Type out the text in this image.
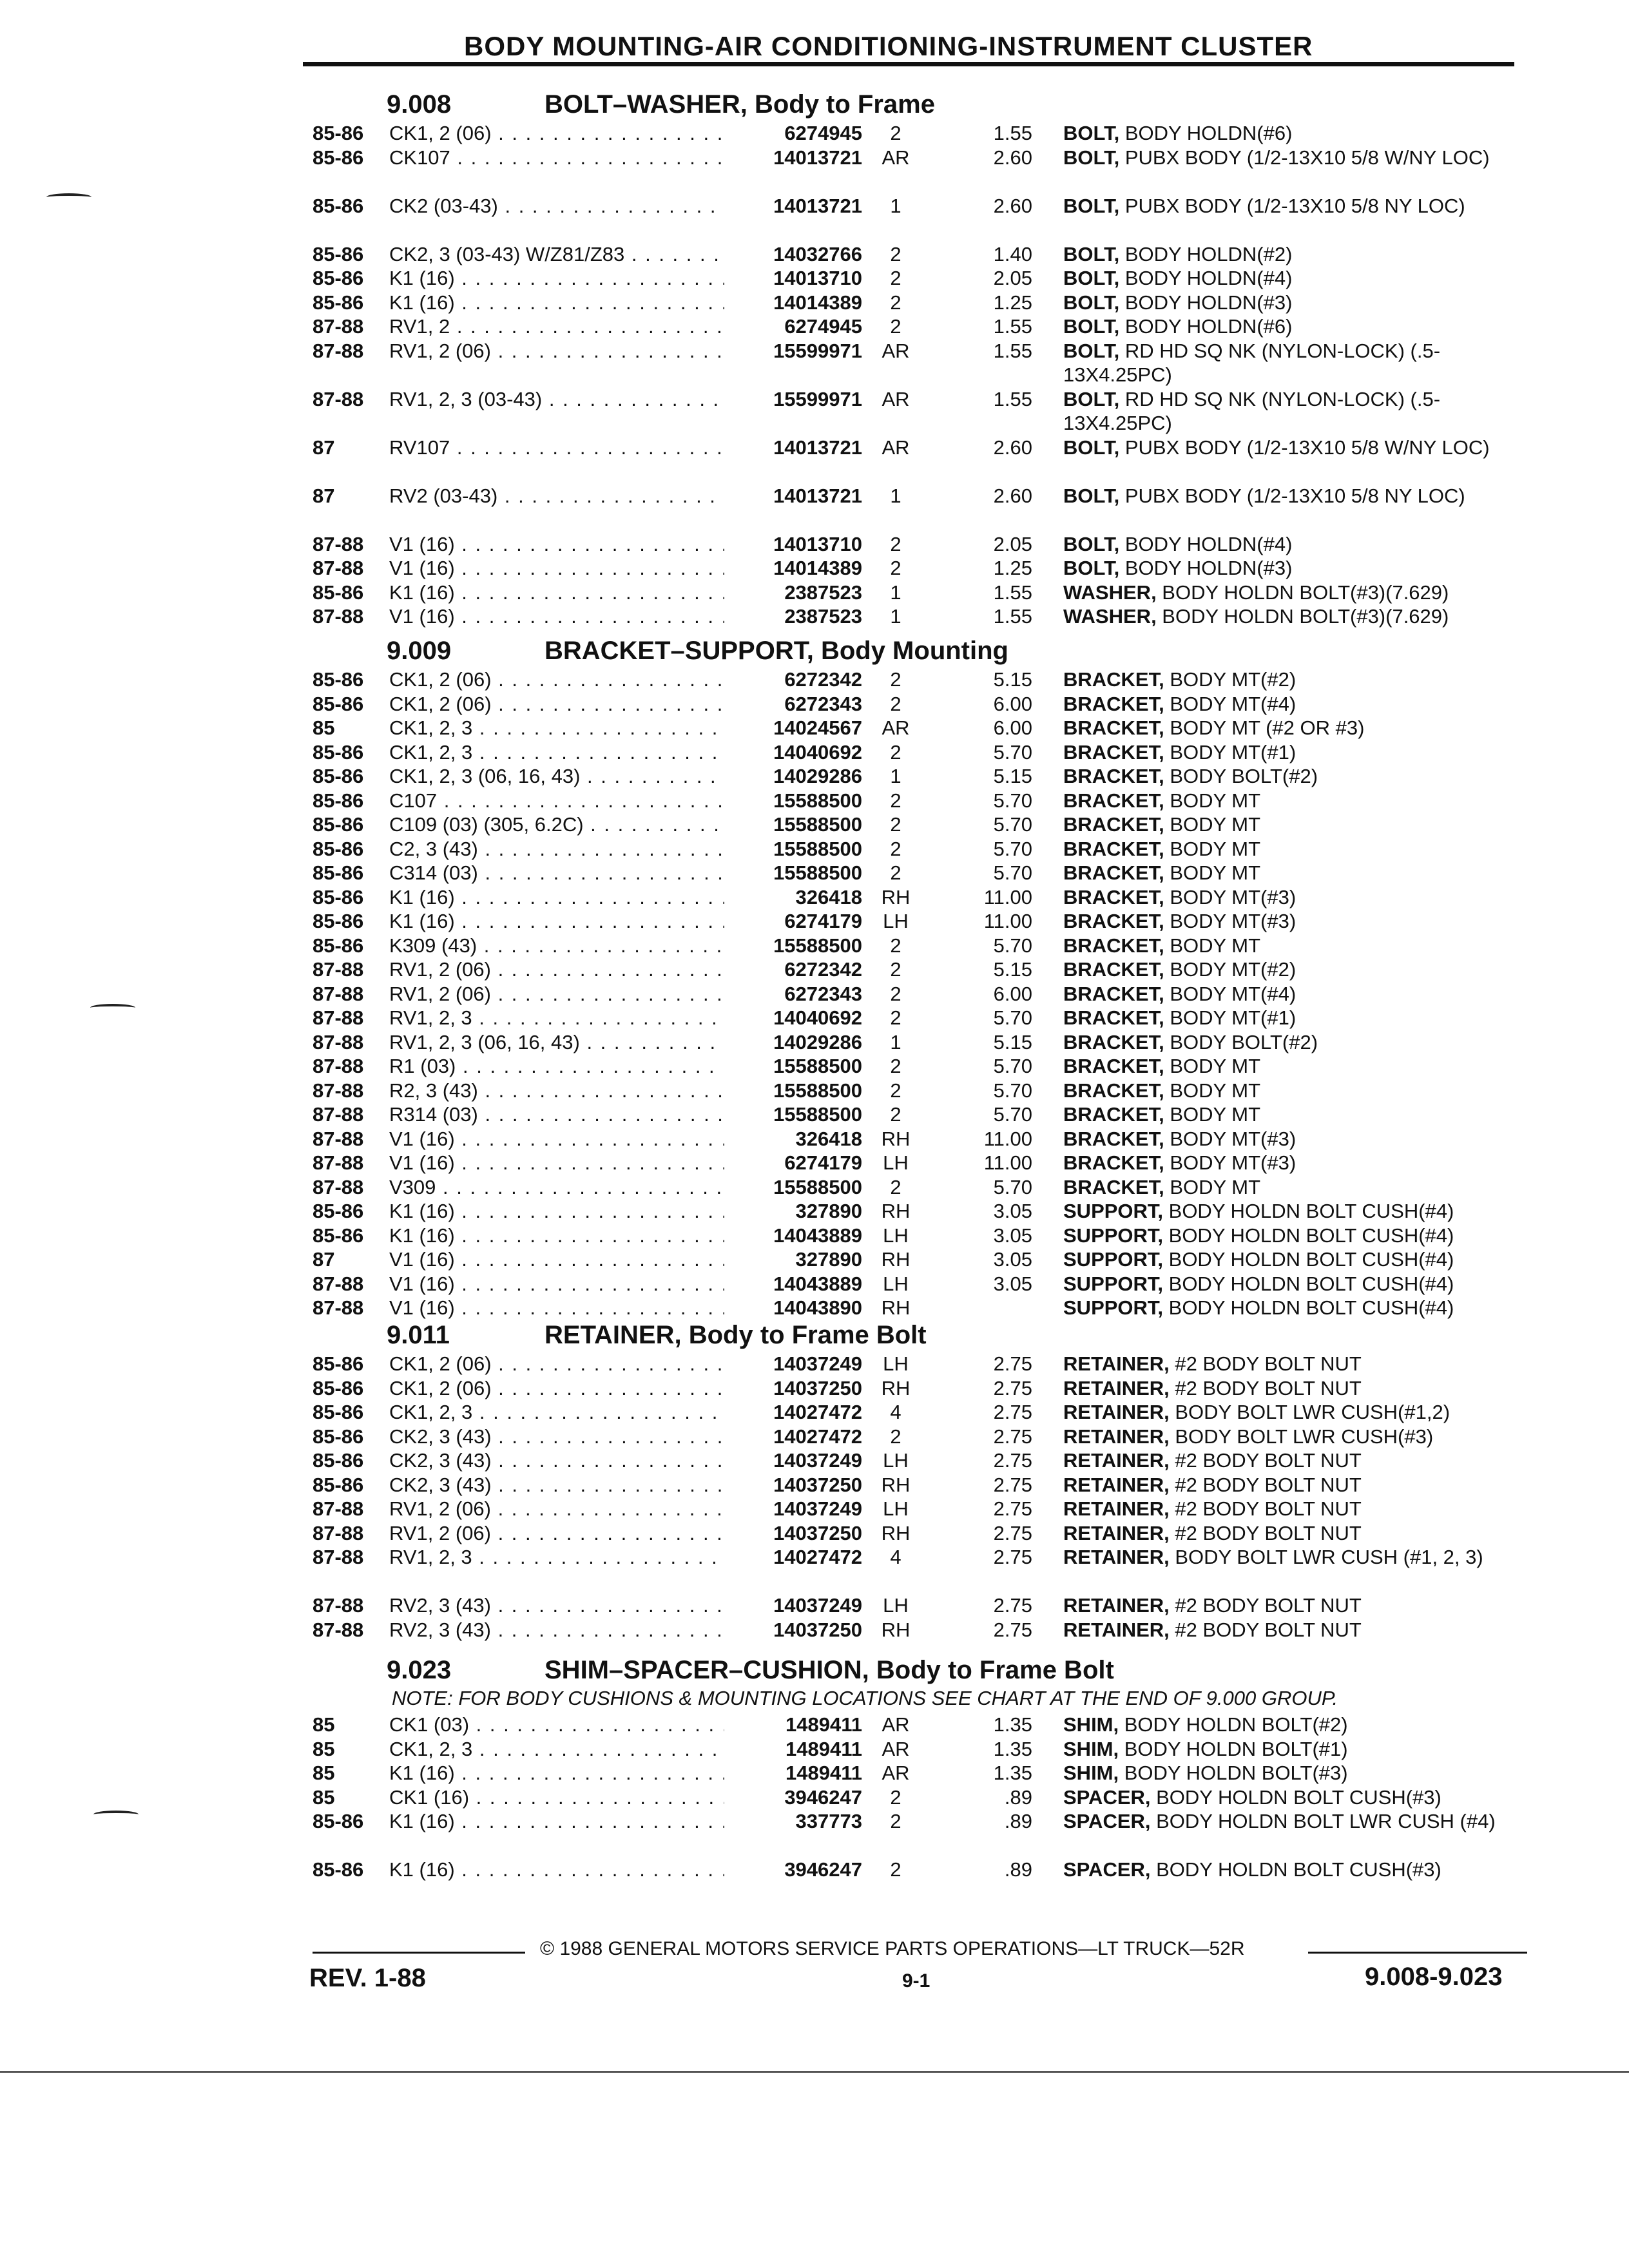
BODY MOUNTING-AIR CONDITIONING-INSTRUMENT CLUSTER
9.008	BOLT–WASHER, Body to Frame
85-86 CK1, 2 (06) . . .	6274945	2	1.55 BOLT, BODY HOLDN(#6)
85-86 CK107 . . .	14013721 AR	2.60 BOLT, PUBX BODY (1/2-13X10 5/8 W/NY LOC)
85-86 CK2 (03-43) . . .	14013721	1	2.60 BOLT, PUBX BODY (1/2-13X10 5/8 NY LOC)
85-86 CK2, 3 (03-43) W/Z81/Z83 . . .	14032766	2	1.40 BOLT, BODY HOLDN(#2)
85-86 K1 (16) . . .	14013710	2	2.05 BOLT, BODY HOLDN(#4)
85-86 K1 (16) . . .	14014389	2	1.25 BOLT, BODY HOLDN(#3)
87-88 RV1, 2 . . .	6274945	2	1.55 BOLT, BODY HOLDN(#6)
87-88 RV1, 2 (06) . . .	15599971 AR	1.55 BOLT, RD HD SQ NK (NYLON-LOCK) (.5-13X4.25PC)
87-88 RV1, 2, 3 (03-43) . . .	15599971 AR	1.55 BOLT, RD HD SQ NK (NYLON-LOCK) (.5-13X4.25PC)
87	RV107 . . .	14013721 AR	2.60 BOLT, PUBX BODY (1/2-13X10 5/8 W/NY LOC)
87	RV2 (03-43) . . .	14013721	1	2.60 BOLT, PUBX BODY (1/2-13X10 5/8 NY LOC)
87-88 V1 (16) . . .	14013710	2	2.05 BOLT, BODY HOLDN(#4)
87-88 V1 (16) . . .	14014389	2	1.25 BOLT, BODY HOLDN(#3)
85-86 K1 (16) . . .	2387523	1	1.55 WASHER, BODY HOLDN BOLT(#3)(7.629)
87-88 V1 (16) . . .	2387523	1	1.55 WASHER, BODY HOLDN BOLT(#3)(7.629)
9.009	BRACKET–SUPPORT, Body Mounting
85-86 CK1, 2 (06) . . .	6272342	2	5.15 BRACKET, BODY MT(#2)
85-86 CK1, 2 (06) . . .	6272343	2	6.00 BRACKET, BODY MT(#4)
85	CK1, 2, 3 . . .	14024567 AR	6.00 BRACKET, BODY MT (#2 OR #3)
85-86 CK1, 2, 3 . . .	14040692	2	5.70 BRACKET, BODY MT(#1)
85-86 CK1, 2, 3 (06, 16, 43) . . .	14029286	1	5.15 BRACKET, BODY BOLT(#2)
85-86 C107 . . .	15588500	2	5.70 BRACKET, BODY MT
85-86 C109 (03) (305, 6.2C) . . .	15588500	2	5.70 BRACKET, BODY MT
85-86 C2, 3 (43) . . .	15588500	2	5.70 BRACKET, BODY MT
85-86 C314 (03) . . .	15588500	2	5.70 BRACKET, BODY MT
85-86 K1 (16) . . .	326418 RH	11.00 BRACKET, BODY MT(#3)
85-86 K1 (16) . . .	6274179	LH	11.00 BRACKET, BODY MT(#3)
85-86 K309 (43) . . .	15588500	2	5.70 BRACKET, BODY MT
87-88 RV1, 2 (06) . . .	6272342	2	5.15 BRACKET, BODY MT(#2)
87-88 RV1, 2 (06) . . .	6272343	2	6.00 BRACKET, BODY MT(#4)
87-88 RV1, 2, 3 . . .	14040692	2	5.70 BRACKET, BODY MT(#1)
87-88 RV1, 2, 3 (06, 16, 43) . . .	14029286	1	5.15 BRACKET, BODY BOLT(#2)
87-88 R1 (03) . . .	15588500	2	5.70 BRACKET, BODY MT
87-88 R2, 3 (43) . . .	15588500	2	5.70 BRACKET, BODY MT
87-88 R314 (03) . . .	15588500	2	5.70 BRACKET, BODY MT
87-88 V1 (16) . . .	326418 RH	11.00 BRACKET, BODY MT(#3)
87-88 V1 (16) . . .	6274179	LH	11.00 BRACKET, BODY MT(#3)
87-88 V309 . . .	15588500	2	5.70 BRACKET, BODY MT
85-86 K1 (16) . . .	327890 RH	3.05 SUPPORT, BODY HOLDN BOLT CUSH(#4)
85-86 K1 (16) . . .	14043889	LH	3.05 SUPPORT, BODY HOLDN BOLT CUSH(#4)
87	V1 (16) . . .	327890 RH	3.05 SUPPORT, BODY HOLDN BOLT CUSH(#4)
87-88 V1 (16) . . .	14043889	LH	3.05 SUPPORT, BODY HOLDN BOLT CUSH(#4)
87-88 V1 (16) . . .	14043890 RH	SUPPORT, BODY HOLDN BOLT CUSH(#4)
9.011	RETAINER, Body to Frame Bolt
85-86 CK1, 2 (06) . . .	14037249	LH	2.75 RETAINER, #2 BODY BOLT NUT
85-86 CK1, 2 (06) . . .	14037250 RH	2.75 RETAINER, #2 BODY BOLT NUT
85-86 CK1, 2, 3 . . .	14027472	4	2.75 RETAINER, BODY BOLT LWR CUSH(#1,2)
85-86 CK2, 3 (43) . . .	14027472	2	2.75 RETAINER, BODY BOLT LWR CUSH(#3)
85-86 CK2, 3 (43) . . .	14037249	LH	2.75 RETAINER, #2 BODY BOLT NUT
85-86 CK2, 3 (43) . . .	14037250 RH	2.75 RETAINER, #2 BODY BOLT NUT
87-88 RV1, 2 (06) . . .	14037249	LH	2.75 RETAINER, #2 BODY BOLT NUT
87-88 RV1, 2 (06) . . .	14037250 RH	2.75 RETAINER, #2 BODY BOLT NUT
87-88 RV1, 2, 3 . . .	14027472	4	2.75 RETAINER, BODY BOLT LWR CUSH (#1, 2, 3)
87-88 RV2, 3 (43) . . .	14037249	LH	2.75 RETAINER, #2 BODY BOLT NUT
87-88 RV2, 3 (43) . . .	14037250 RH	2.75 RETAINER, #2 BODY BOLT NUT
9.023	SHIM–SPACER–CUSHION, Body to Frame Bolt
NOTE: FOR BODY CUSHIONS & MOUNTING LOCATIONS SEE CHART AT THE END OF 9.000 GROUP.
85	CK1 (03) . . .	1489411 AR	1.35 SHIM, BODY HOLDN BOLT(#2)
85	CK1, 2, 3 . . .	1489411 AR	1.35 SHIM, BODY HOLDN BOLT(#1)
85	K1 (16) . . .	1489411 AR	1.35 SHIM, BODY HOLDN BOLT(#3)
85	CK1 (16) . . .	3946247	2	.89 SPACER, BODY HOLDN BOLT CUSH(#3)
85-86 K1 (16) . . .	337773	2	.89 SPACER, BODY HOLDN BOLT LWR CUSH (#4)
85-86 K1 (16) . . .	3946247	2	.89 SPACER, BODY HOLDN BOLT CUSH(#3)
© 1988 GENERAL MOTORS SERVICE PARTS OPERATIONS—LT TRUCK—52R
REV. 1-88	9-1	9.008-9.023
